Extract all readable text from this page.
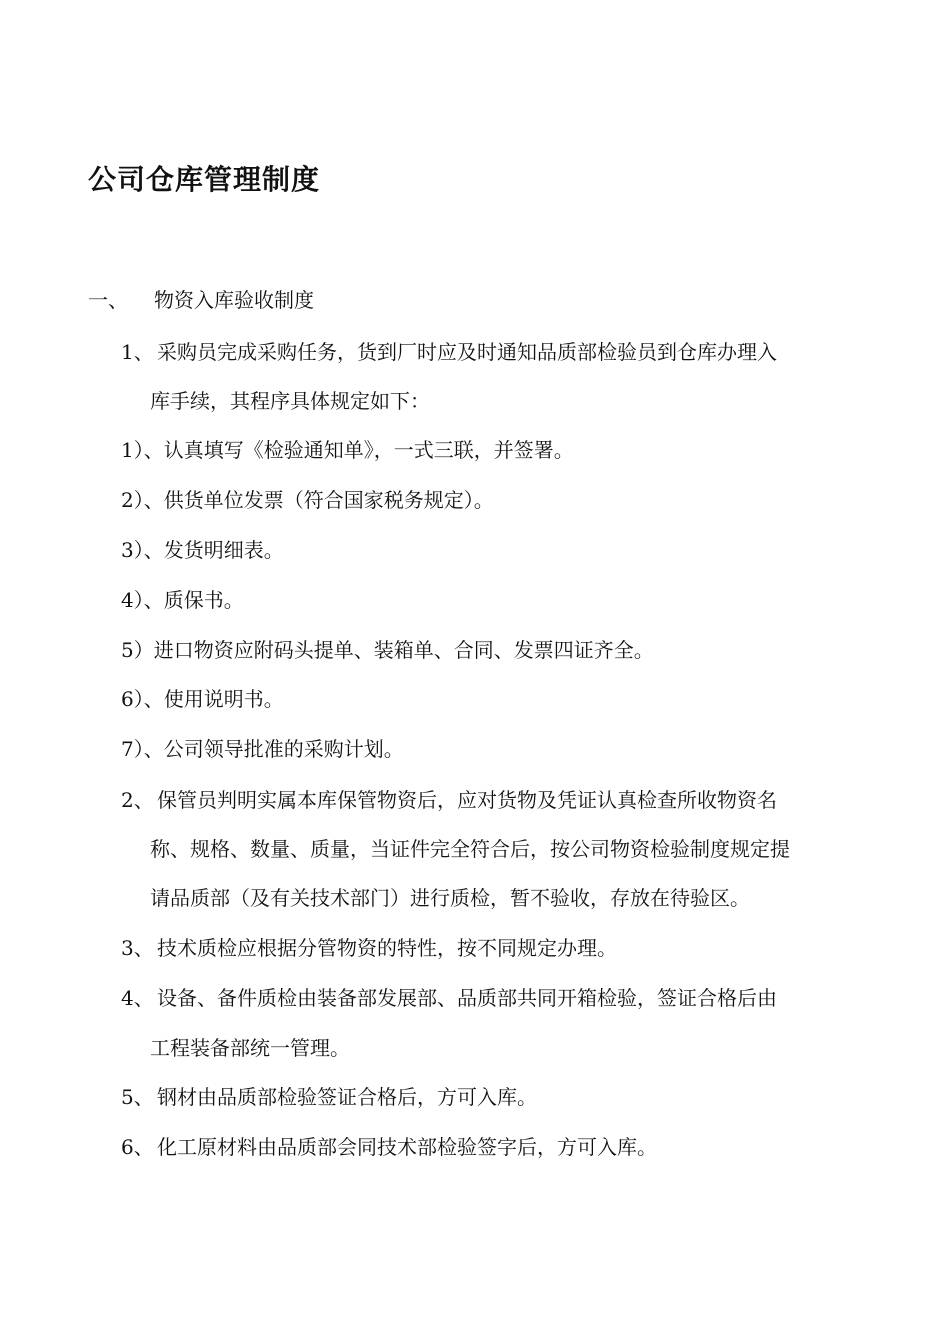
公司仓库管理制度
一、 物资入库验收制度
1、 采购员完成采购任务，货到厂时应及时通知品质部检验员到仓库办理入
库手续，其程序具体规定如下：
1）、认真填写《检验通知单》，一式三联，并签署。
2）、供货单位发票（符合国家税务规定）。
3）、发货明细表。
4）、质保书。
5）进口物资应附码头提单、装箱单、合同、发票四证齐全。
6）、使用说明书。
7）、公司领导批准的采购计划。
2、 保管员判明实属本库保管物资后，应对货物及凭证认真检查所收物资名
称、规格、数量、质量，当证件完全符合后，按公司物资检验制度规定提
请品质部（及有关技术部门）进行质检，暂不验收，存放在待验区。
3、 技术质检应根据分管物资的特性，按不同规定办理。
4、 设备、备件质检由装备部发展部、品质部共同开箱检验，签证合格后由
工程装备部统一管理。
5、 钢材由品质部检验签证合格后，方可入库。
6、 化工原材料由品质部会同技术部检验签字后，方可入库。
